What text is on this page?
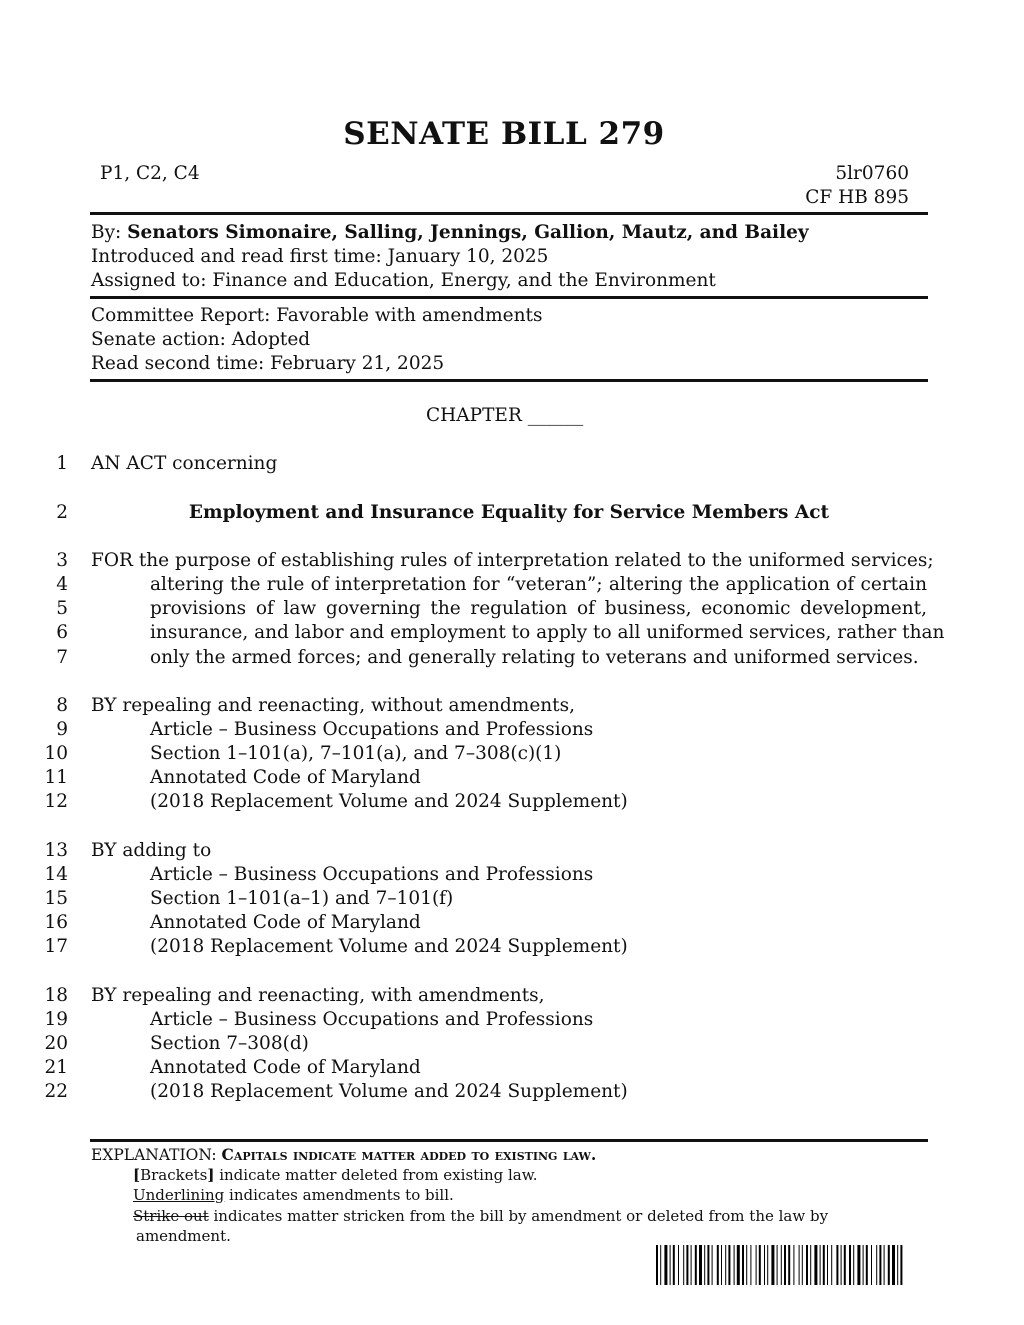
SENATE BILL 279
P1, C2, C4	5lr0760
CF HB 895
By: Senators Simonaire, Salling, Jennings, Gallion, Mautz, and Bailey
Introduced and read first time: January 10, 2025
Assigned to: Finance and Education, Energy, and the Environment
Committee Report: Favorable with amendments
Senate action: Adopted
Read second time: February 21, 2025
CHAPTER ______
1
2
3
4
5
6
7
8
9
10
11
12
13
14
15
16
17
18
19
20
21
22
AN ACT concerning
Employment and Insurance Equality for Service Members Act
FOR the purpose of establishing rules of interpretation related to the uniformed services;
altering the rule of interpretation for “veteran”; altering the application of certain
provisions of law governing the regulation of business, economic development,
insurance, and labor and employment to apply to all uniformed services, rather than
only the armed forces; and generally relating to veterans and uniformed services.
BY repealing and reenacting, without amendments,
Article – Business Occupations and Professions
Section 1–101(a), 7–101(a), and 7–308(c)(1)
Annotated Code of Maryland
(2018 Replacement Volume and 2024 Supplement)
BY adding to
Article – Business Occupations and Professions
Section 1–101(a–1) and 7–101(f)
Annotated Code of Maryland
(2018 Replacement Volume and 2024 Supplement)
BY repealing and reenacting, with amendments,
Article – Business Occupations and Professions
Section 7–308(d)
Annotated Code of Maryland
(2018 Replacement Volume and 2024 Supplement)
EXPLANATION: Capitals indicate matter added to existing law.
[Brackets] indicate matter deleted from existing law.
Underlining indicates amendments to bill.
Strike out indicates matter stricken from the bill by amendment or deleted from the law by
amendment.
